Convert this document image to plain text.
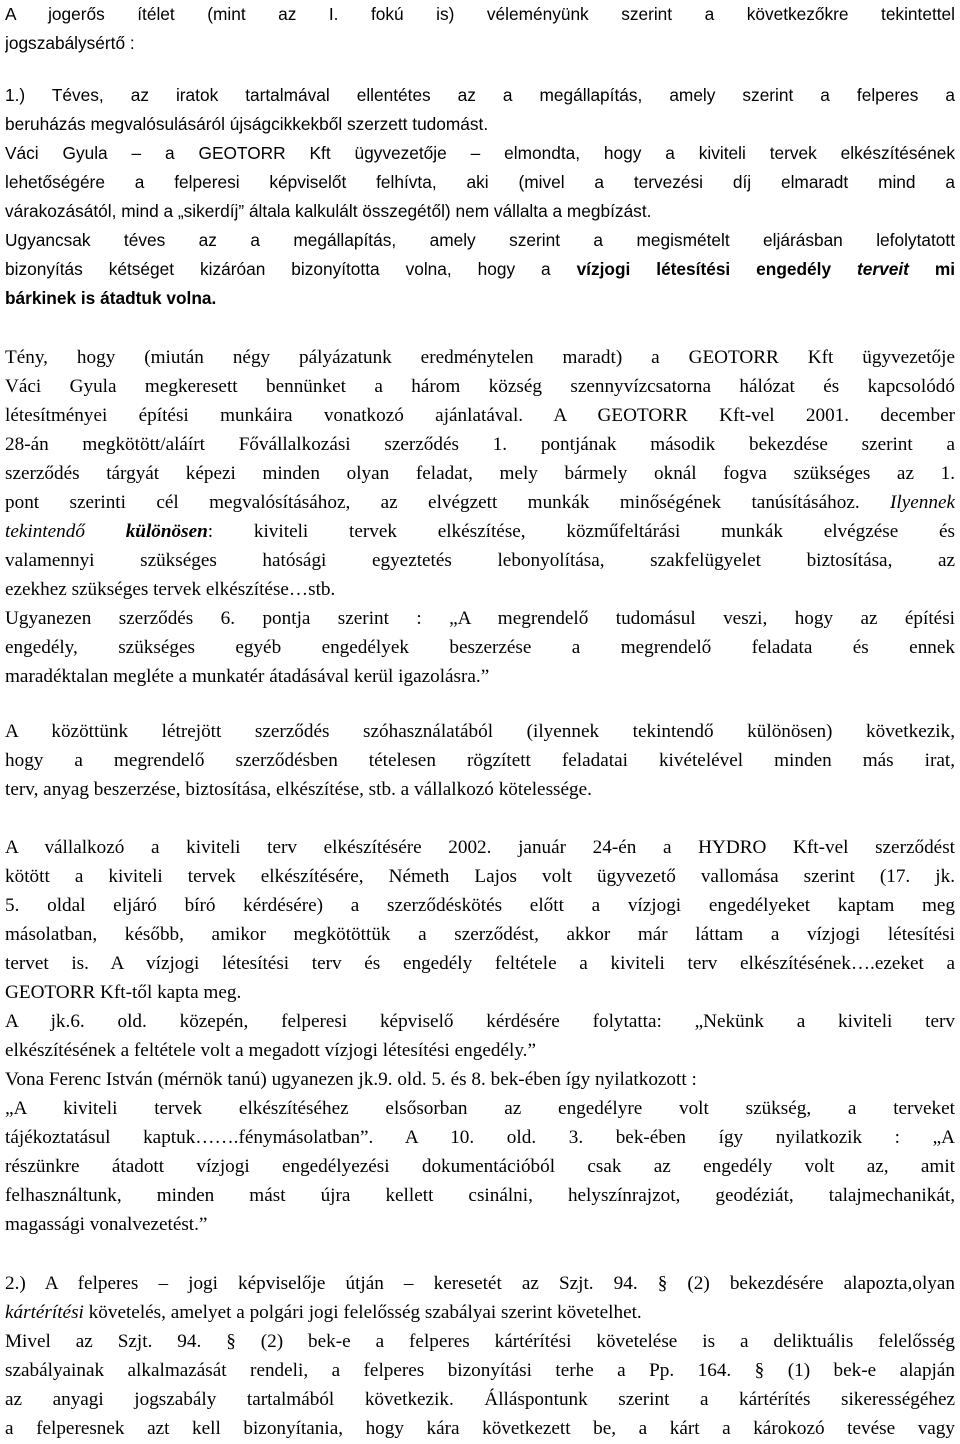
A jogerős ítélet (mint az I. fokú is) véleményünk szerint a következőkre tekintettel
jogszabálysértő :
1.) Téves, az iratok tartalmával ellentétes az a megállapítás, amely szerint a felperes a
beruházás megvalósulásáról újságcikkekből szerzett tudomást.
Váci Gyula – a GEOTORR Kft ügyvezetője – elmondta, hogy a kiviteli tervek elkészítésének
lehetőségére a felperesi képviselőt felhívta, aki (mivel a tervezési díj elmaradt mind a
várakozásától, mind a „sikerdíj” általa kalkulált összegétől) nem vállalta a megbízást.
Ugyancsak téves az a megállapítás, amely szerint a megismételt eljárásban lefolytatott
bizonyítás kétséget kizáróan bizonyította volna, hogy a vízjogi létesítési engedély terveit mi
bárkinek is átadtuk volna.
Tény, hogy (miután négy pályázatunk eredménytelen maradt) a GEOTORR Kft ügyvezetője
Váci Gyula megkeresett bennünket a három község szennyvízcsatorna hálózat és kapcsolódó
létesítményei építési munkáira vonatkozó ajánlatával. A GEOTORR Kft-vel 2001. december
28-án megkötött/aláírt Fővállalkozási szerződés 1. pontjának második bekezdése szerint a
szerződés tárgyát képezi minden olyan feladat, mely bármely oknál fogva szükséges az 1.
pont szerinti cél megvalósításához, az elvégzett munkák minőségének tanúsításához. Ilyennek
tekintendő különösen: kiviteli tervek elkészítése, közműfeltárási munkák elvégzése és
valamennyi szükséges hatósági egyeztetés lebonyolítása, szakfelügyelet biztosítása, az
ezekhez szükséges tervek elkészítése…stb.
Ugyanezen szerződés 6. pontja szerint : „A megrendelő tudomásul veszi, hogy az építési
engedély, szükséges egyéb engedélyek beszerzése a megrendelő feladata és ennek
maradéktalan megléte a munkatér átadásával kerül igazolásra.”
A közöttünk létrejött szerződés szóhasználatából (ilyennek tekintendő különösen) következik,
hogy a megrendelő szerződésben tételesen rögzített feladatai kivételével minden más irat,
terv, anyag beszerzése, biztosítása, elkészítése, stb. a vállalkozó kötelessége.
A vállalkozó a kiviteli terv elkészítésére 2002. január 24-én a HYDRO Kft-vel szerződést
kötött a kiviteli tervek elkészítésére, Németh Lajos volt ügyvezető vallomása szerint (17. jk.
5. oldal eljáró bíró kérdésére) a szerződéskötés előtt a vízjogi engedélyeket kaptam meg
másolatban, később, amikor megkötöttük a szerződést, akkor már láttam a vízjogi létesítési
tervet is. A vízjogi létesítési terv és engedély feltétele a kiviteli terv elkészítésének….ezeket a
GEOTORR Kft-től kapta meg.
A jk.6. old. közepén, felperesi képviselő kérdésére folytatta: „Nekünk a kiviteli terv
elkészítésének a feltétele volt a megadott vízjogi létesítési engedély.”
Vona Ferenc István (mérnök tanú) ugyanezen jk.9. old. 5. és 8. bek-ében így nyilatkozott :
„A kiviteli tervek elkészítéséhez elsősorban az engedélyre volt szükség, a terveket
tájékoztatásul kaptuk…….fénymásolatban”. A 10. old. 3. bek-ében így nyilatkozik : „A
részünkre átadott vízjogi engedélyezési dokumentációból csak az engedély volt az, amit
felhasználtunk, minden mást újra kellett csinálni, helyszínrajzot, geodéziát, talajmechanikát,
magassági vonalvezetést.”
2.) A felperes – jogi képviselője útján – keresetét az Szjt. 94. § (2) bekezdésére alapozta,olyan
kártérítési követelés, amelyet a polgári jogi felelősség szabályai szerint követelhet.
Mivel az Szjt. 94. § (2) bek-e a felperes kártérítési követelése is a deliktuális felelősség
szabályainak alkalmazását rendeli, a felperes bizonyítási terhe a Pp. 164. § (1) bek-e alapján
az anyagi jogszabály tartalmából következik. Álláspontunk szerint a kártérítés sikerességéhez
a felperesnek azt kell bizonyítania, hogy kára következett be, a kárt a károkozó tevése vagy
